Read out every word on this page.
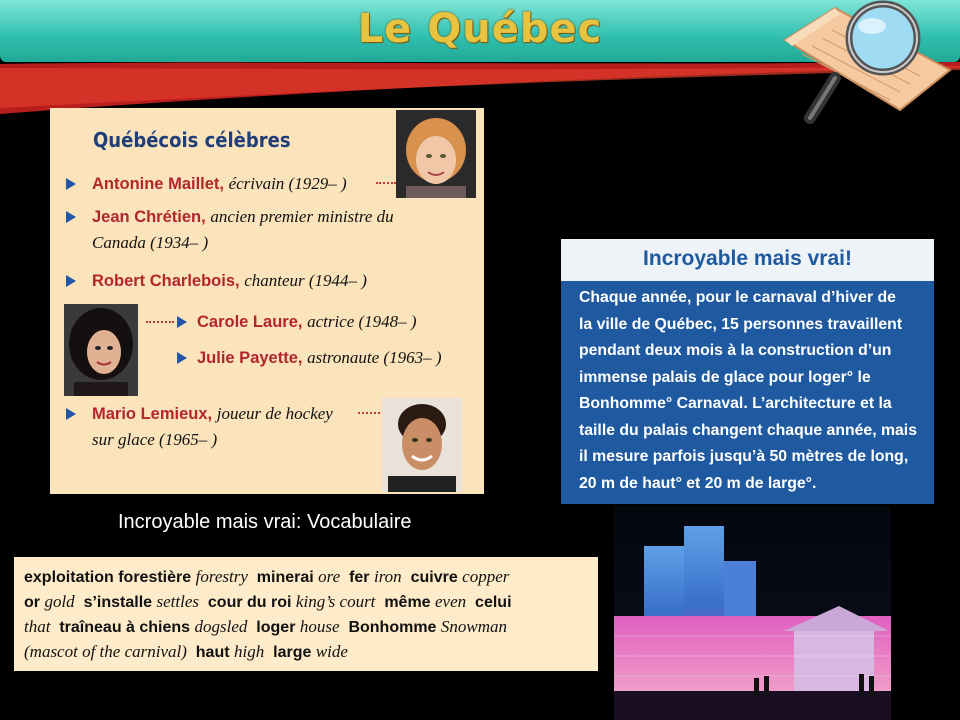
Le Québec
Québécois célèbres
Antonine Maillet, écrivain (1929– )
Jean Chrétien, ancien premier ministre du
Canada (1934– )
Robert Charlebois, chanteur (1944– )
Carole Laure, actrice (1948– )
Julie Payette, astronaute (1963– )
Mario Lemieux, joueur de hockey
sur glace (1965– )
Incroyable mais vrai!
Chaque année, pour le carnaval d’hiver de
la ville de Québec, 15 personnes travaillent
pendant deux mois à la construction d’un
immense palais de glace pour loger° le
Bonhomme° Carnaval. L’architecture et la
taille du palais changent chaque année, mais
il mesure parfois jusqu’à 50 mètres de long,
20 m de haut° et 20 m de large°.
Incroyable mais vrai: Vocabulaire
exploitation forestière forestry minerai ore fer iron cuivre copper
or gold s’installe settles cour du roi king’s court même even celui
that traîneau à chiens dogsled loger house Bonhomme Snowman
(mascot of the carnival) haut high large wide
